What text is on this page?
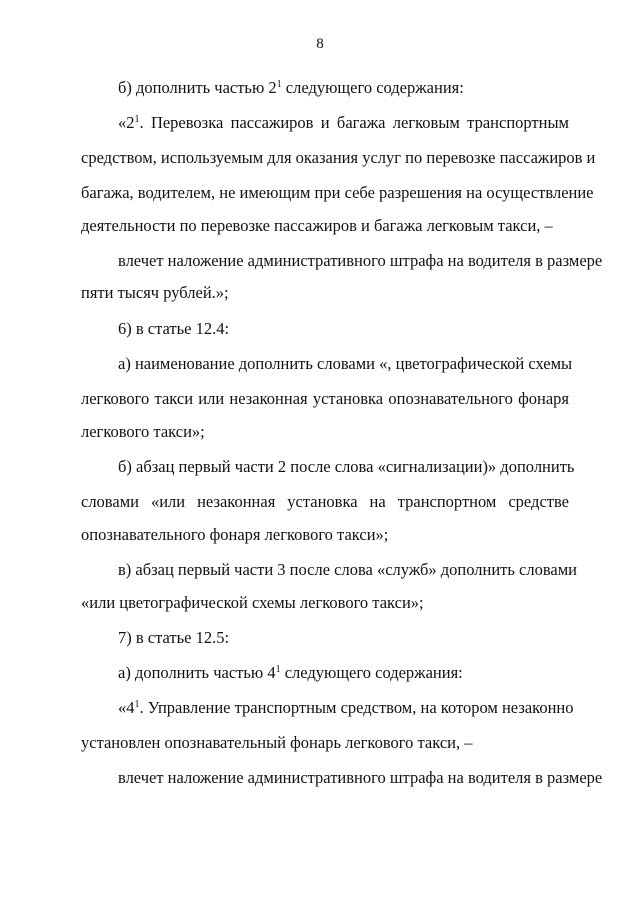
8
б) дополнить частью $2^1$ следующего содержания:
«$2^1$. Перевозка пассажиров и багажа легковым транспортным
средством, используемым для оказания услуг по перевозке пассажиров и
багажа, водителем, не имеющим при себе разрешения на осуществление
деятельности по перевозке пассажиров и багажа легковым такси, –
влечет наложение административного штрафа на водителя в размере
пяти тысяч рублей.»;
6) в статье 12.4:
а) наименование дополнить словами «, цветографической схемы
легкового такси или незаконная установка опознавательного фонаря
легкового такси»;
б) абзац первый части 2 после слова «сигнализации)» дополнить
словами «или незаконная установка на транспортном средстве
опознавательного фонаря легкового такси»;
в) абзац первый части 3 после слова «служб» дополнить словами
«или цветографической схемы легкового такси»;
7) в статье 12.5:
а) дополнить частью $4^1$ следующего содержания:
«$4^1$. Управление транспортным средством, на котором незаконно
установлен опознавательный фонарь легкового такси, –
влечет наложение административного штрафа на водителя в размере
